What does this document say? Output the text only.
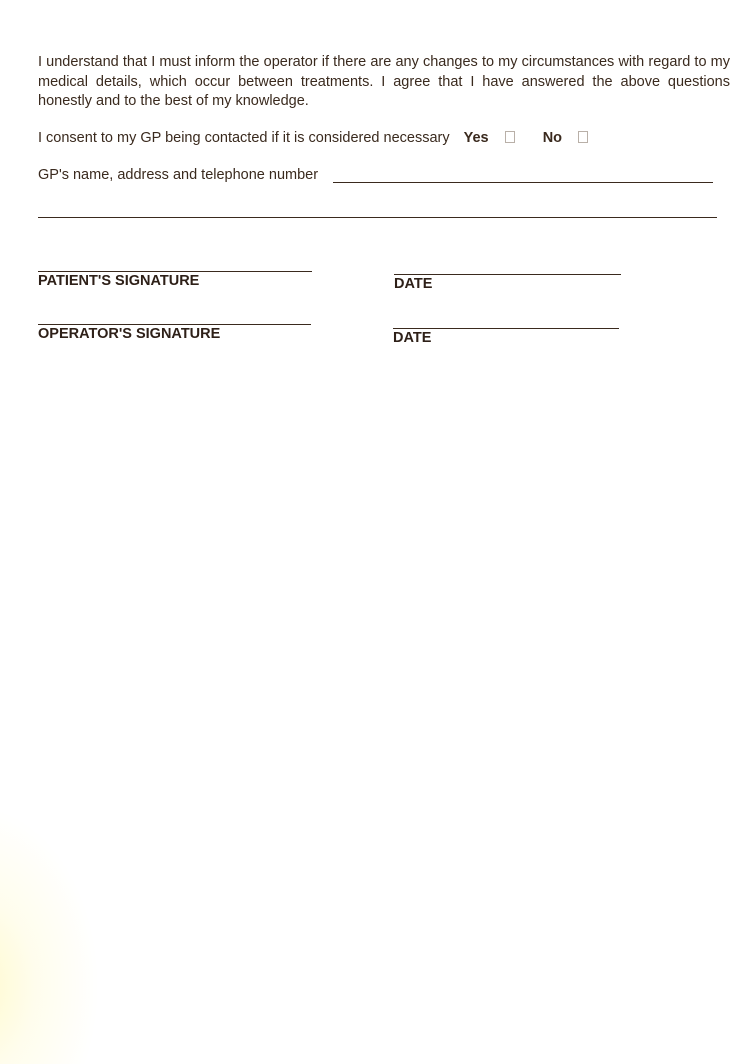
I understand that I must inform the operator if there are any changes to my circumstances with regard to my medical details, which occur between treatments. I agree that I have answered the above questions honestly and to the best of my knowledge.

I consent to my GP being contacted if it is considered necessary Yes	No
GP's name, address and telephone number
PATIENT'S SIGNATURE	DATE
OPERATOR'S SIGNATURE	DATE
